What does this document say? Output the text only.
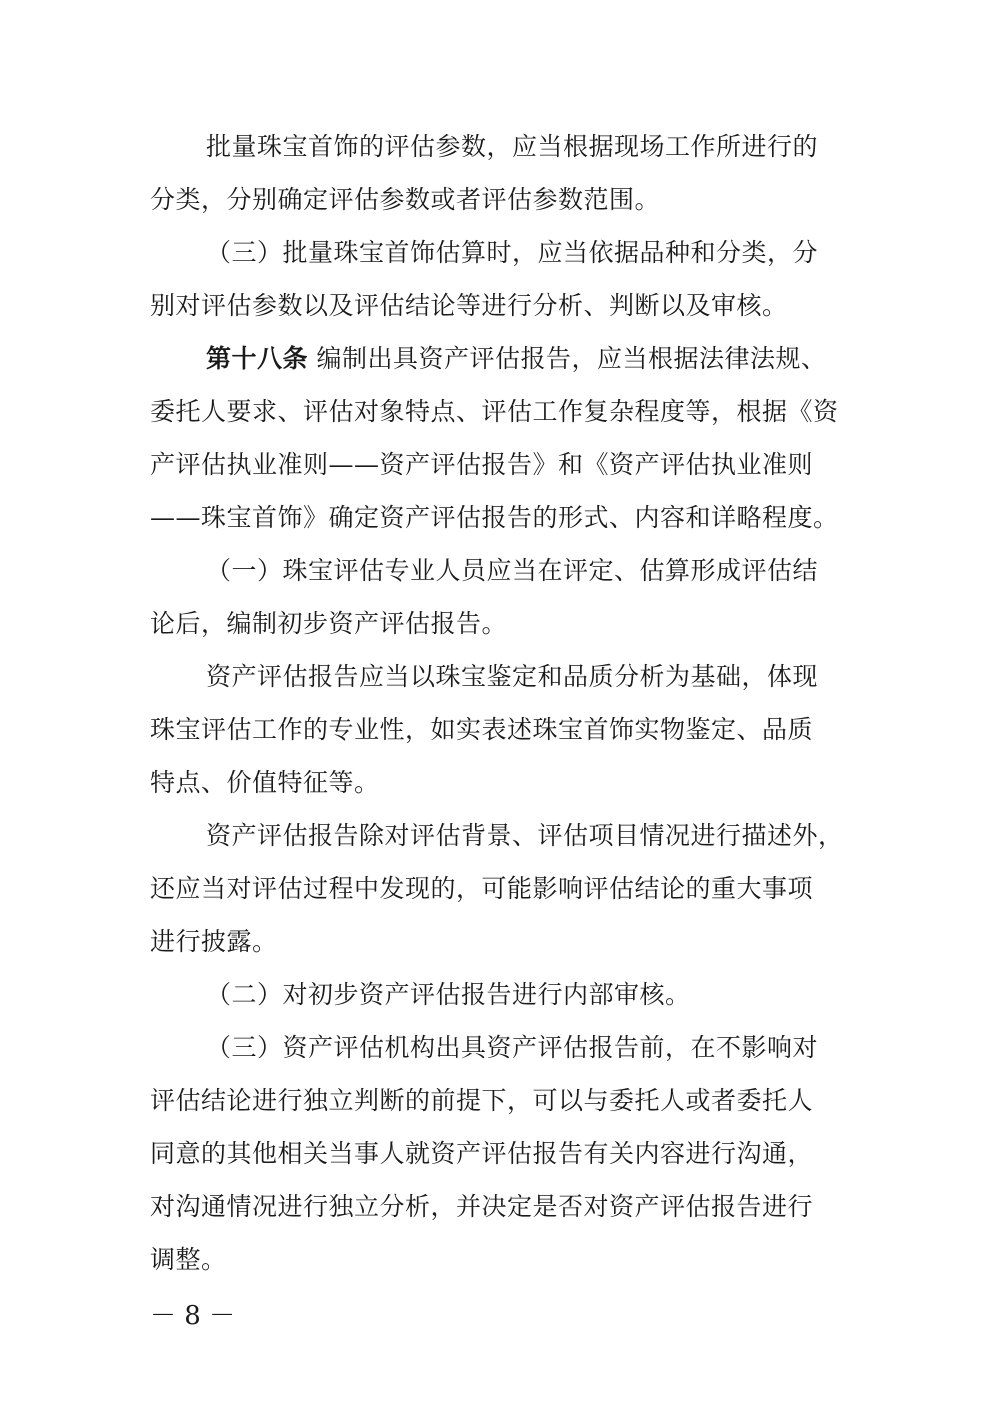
批量珠宝首饰的评估参数，应当根据现场工作所进行的
分类，分别确定评估参数或者评估参数范围。
（三）批量珠宝首饰估算时，应当依据品种和分类，分
别对评估参数以及评估结论等进行分析、判断以及审核。
第十八条 编制出具资产评估报告，应当根据法律法规、
委托人要求、评估对象特点、评估工作复杂程度等，根据《资
产评估执业准则——资产评估报告》和《资产评估执业准则
——珠宝首饰》确定资产评估报告的形式、内容和详略程度。
（一）珠宝评估专业人员应当在评定、估算形成评估结
论后，编制初步资产评估报告。
资产评估报告应当以珠宝鉴定和品质分析为基础，体现
珠宝评估工作的专业性，如实表述珠宝首饰实物鉴定、品质
特点、价值特征等。
资产评估报告除对评估背景、评估项目情况进行描述外，
还应当对评估过程中发现的，可能影响评估结论的重大事项
进行披露。
（二）对初步资产评估报告进行内部审核。
（三）资产评估机构出具资产评估报告前，在不影响对
评估结论进行独立判断的前提下，可以与委托人或者委托人
同意的其他相关当事人就资产评估报告有关内容进行沟通，
对沟通情况进行独立分析，并决定是否对资产评估报告进行
调整。
－ 8 －
